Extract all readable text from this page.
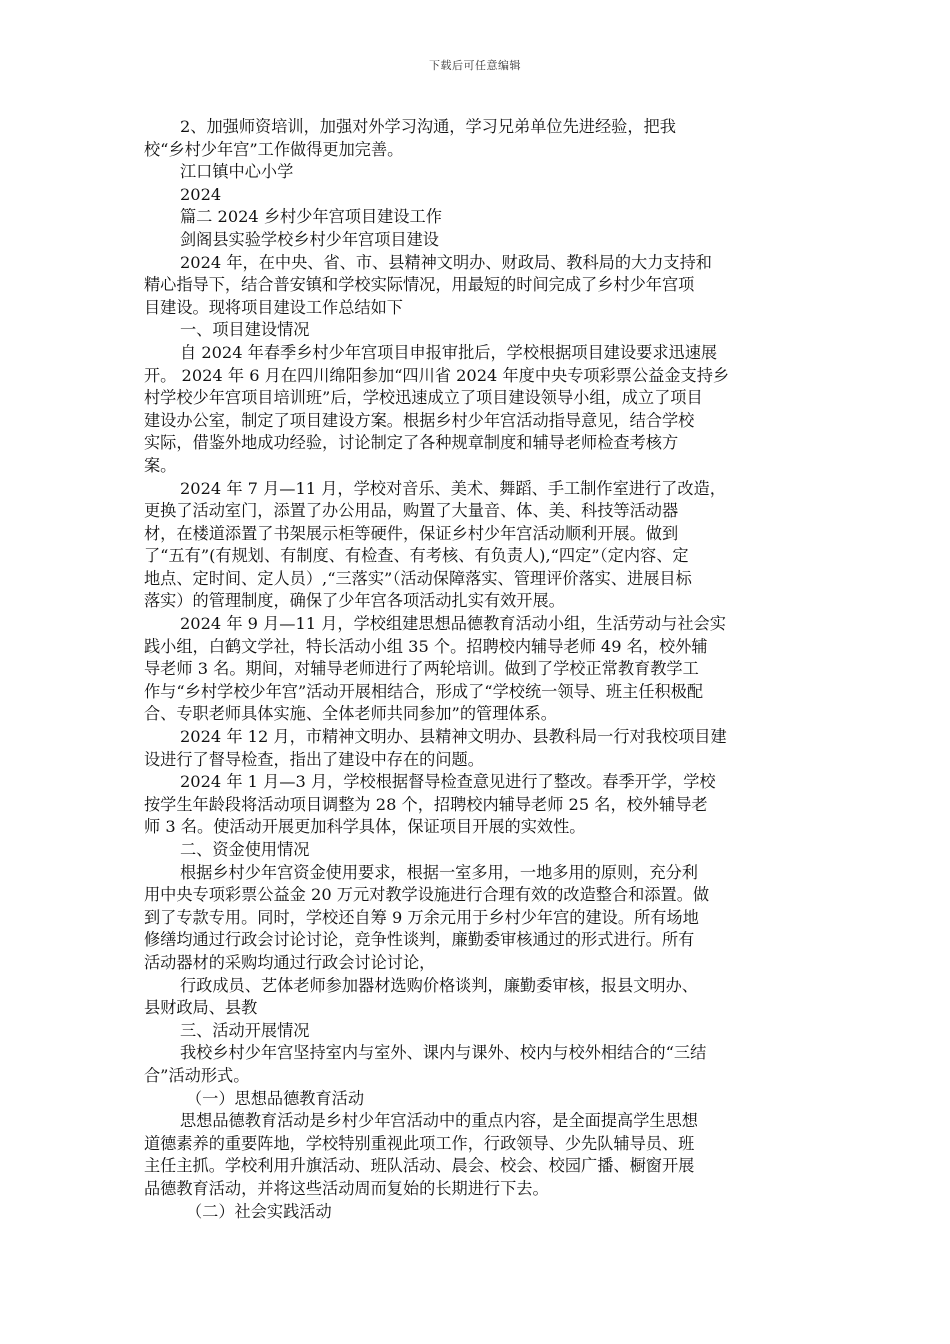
下载后可任意编辑
2、加强师资培训，加强对外学习沟通，学习兄弟单位先进经验，把我
校“乡村少年宫”工作做得更加完善。
江口镇中心小学
2024
篇二 2024 乡村少年宫项目建设工作
剑阁县实验学校乡村少年宫项目建设
2024 年，在中央、省、市、县精神文明办、财政局、教科局的大力支持和
精心指导下，结合普安镇和学校实际情况，用最短的时间完成了乡村少年宫项
目建设。现将项目建设工作总结如下
一、项目建设情况
自 2024 年春季乡村少年宫项目申报审批后，学校根据项目建设要求迅速展
开。 2024 年 6 月在四川绵阳参加“四川省 2024 年度中央专项彩票公益金支持乡
村学校少年宫项目培训班”后，学校迅速成立了项目建设领导小组，成立了项目
建设办公室，制定了项目建设方案。根据乡村少年宫活动指导意见，结合学校
实际，借鉴外地成功经验，讨论制定了各种规章制度和辅导老师检查考核方
案。
2024 年 7 月—11 月，学校对音乐、美术、舞蹈、手工制作室进行了改造，
更换了活动室门，添置了办公用品，购置了大量音、体、美、科技等活动器
材，在楼道添置了书架展示柜等硬件，保证乡村少年宫活动顺利开展。做到
了“五有”(有规划、有制度、有检查、有考核、有负责人),“四定”（定内容、定
地点、定时间、定人员）,“三落实”（活动保障落实、管理评价落实、进展目标
落实）的管理制度，确保了少年宫各项活动扎实有效开展。
2024 年 9 月—11 月，学校组建思想品德教育活动小组，生活劳动与社会实
践小组，白鹤文学社，特长活动小组 35 个。招聘校内辅导老师 49 名，校外辅
导老师 3 名。期间，对辅导老师进行了两轮培训。做到了学校正常教育教学工
作与“乡村学校少年宫”活动开展相结合，形成了“学校统一领导、班主任积极配
合、专职老师具体实施、全体老师共同参加”的管理体系。
2024 年 12 月，市精神文明办、县精神文明办、县教科局一行对我校项目建
设进行了督导检查，指出了建设中存在的问题。
2024 年 1 月—3 月，学校根据督导检查意见进行了整改。春季开学，学校
按学生年龄段将活动项目调整为 28 个，招聘校内辅导老师 25 名，校外辅导老
师 3 名。使活动开展更加科学具体，保证项目开展的实效性。
二、资金使用情况
根据乡村少年宫资金使用要求，根据一室多用，一地多用的原则，充分利
用中央专项彩票公益金 20 万元对教学设施进行合理有效的改造整合和添置。做
到了专款专用。同时，学校还自筹 9 万余元用于乡村少年宫的建设。所有场地
修缮均通过行政会讨论讨论，竞争性谈判，廉勤委审核通过的形式进行。所有
活动器材的采购均通过行政会讨论讨论，
行政成员、艺体老师参加器材选购价格谈判，廉勤委审核，报县文明办、
县财政局、县教
三、活动开展情况
我校乡村少年宫坚持室内与室外、课内与课外、校内与校外相结合的“三结
合”活动形式。
（一）思想品德教育活动
思想品德教育活动是乡村少年宫活动中的重点内容，是全面提高学生思想
道德素养的重要阵地，学校特别重视此项工作，行政领导、少先队辅导员、班
主任主抓。学校利用升旗活动、班队活动、晨会、校会、校园广播、橱窗开展
品德教育活动，并将这些活动周而复始的长期进行下去。
（二）社会实践活动
